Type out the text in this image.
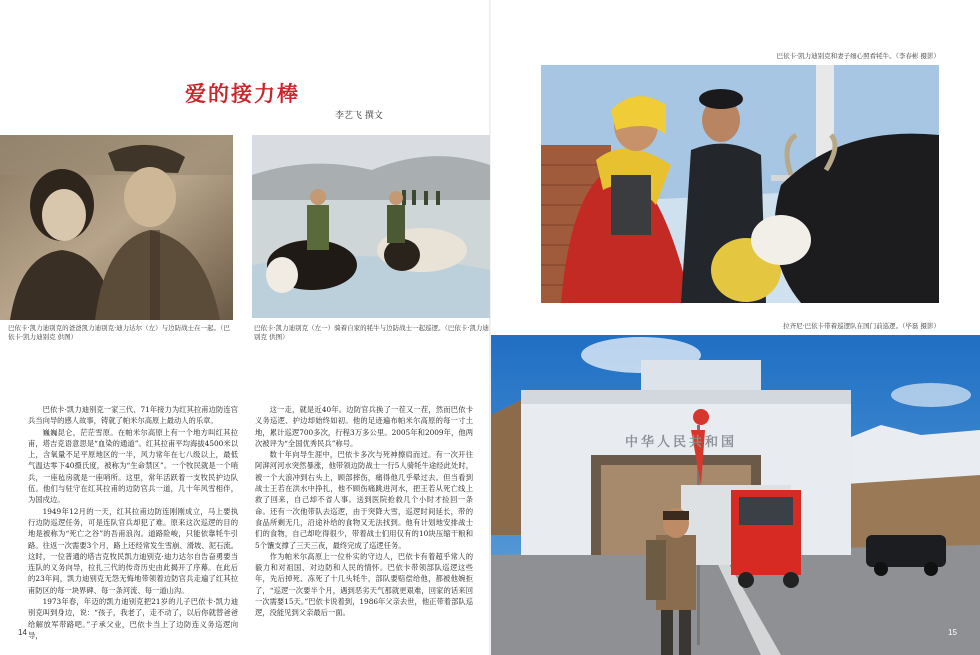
爱的接力棒
李艺飞 撰文
巴依卡·凯力迪别克的爸爸凯力迪别克·迪力达尔（左）与边防战士在一起。（巴依卡·凯力迪别克 供图）
巴依卡·凯力迪别克（左一）骑着自家的牦牛与边防战士一起巡逻。（巴依卡·凯力迪别克 供图）

巴依卡·凯力迪别克一家三代、71年接力为红其拉甫边防连官兵当向导的感人故事，铸就了帕米尔高原上最动人的乐章。

巍巍昆仑，茫茫雪原。在帕米尔高原上有一个地方叫红其拉甫，塔吉克语意思是“血染的通道”。红其拉甫平均海拔4500米以上，含氧量不足平原地区的一半，风力常年在七八级以上，最低气温达零下40摄氏度，被称为“生命禁区”。一个牧民就是一个哨兵，一座毡房就是一座哨所。这里，常年活跃着一支牧民护边队伍。他们与驻守在红其拉甫的边防官兵一道，几十年风雪相伴，为国戍边。

1949年12月的一天，红其拉甫边防连刚刚成立，马上要执行边防巡逻任务，可是连队官兵却犯了难。原来这次巡逻的目的地是被称为“死亡之谷”的吾甫浪沟。道路险峻，只能依靠牦牛引路。往返一次需要3个月，路上还经常发生雪崩、滑坡、泥石流。这时，一位普通的塔吉克牧民凯力迪别克·迪力达尔自告奋勇要当连队的义务向导，拉扎三代的传奇历史由此揭开了序幕。在此后的23年间，凯力迪别克无怨无悔地带领着边防官兵走遍了红其拉甫防区的每一块界碑、每一条河流、每一道山沟。

1973年春，年迈的凯力迪别克把21岁的儿子巴依卡·凯力迪别克叫到身边，说：“孩子，我老了，走不动了，以后你就替爸爸给解放军带路吧。”子承父业，巴依卡当上了边防连义务巡逻向导，

这一走，就是近40年。边防官兵换了一茬又一茬，然而巴依卡义务巡逻、护边却始终如初。他的足迹遍布帕米尔高原的每一寸土地，累计巡逻700多次，行程3万多公里。2005年和2009年，他两次被评为“全国优秀民兵”称号。

数十年向导生涯中，巴依卡多次与死神擦肩而过。有一次开往阿湃河河水突然暴涨，他带领边防战士一行5人骑牦牛途经此处时，被一个大浪冲到右头上，顾部摔伤，痛得他几乎晕过去。但当看到战士王若在洪水中挣扎，他不顾伤痛跳进河水，把王若从死亡线上救了回来，自己却不省人事。送到医院抢救几个小时才捡回一条命。还有一次他带队去巡逻，由于突降大雪，巡逻时间延长，带的食品所剩无几，沿途补给的食物又无法找到。他有计划地安排战士们的食物，自己却吃得很少，带着战士们用仅有的10块压缩干粮和5个馕支撑了三天三夜，最终完成了巡逻任务。

作为帕米尔高原上一位朴实的守边人，巴依卡有着超乎常人的毅力和对祖国、对边防和人民的情怀。巴依卡带领部队巡逻这些年，先后掉死、冻死了十几头牦牛，部队要赔偿给他，都被他婉拒了，“巡逻一次要半个月，遇到恶劣天气那就更艰难，回家的话来回一次需要15天。”巴依卡说着到，1986年父亲去世，他正带着部队巡逻，没能见到父亲最后一面。

14
巴依卡·凯力迪别克和妻子细心照看牦牛。（李春彬 摄影）
拉齐尼·巴依卡带着巡逻队在国门前巡逻。（毕磊 摄影）
中华人民共和国
15
